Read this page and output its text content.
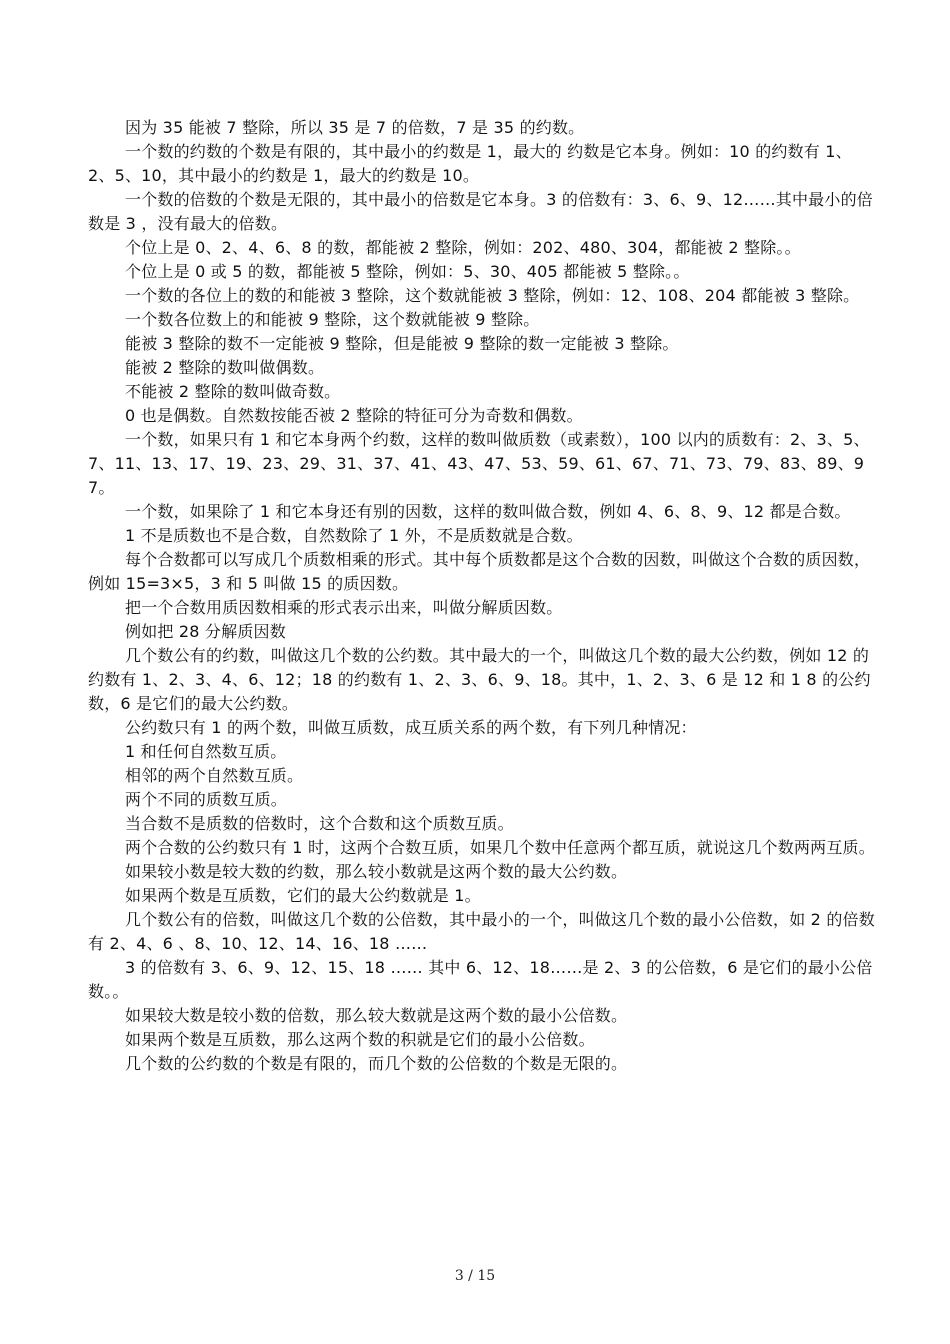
因为 35 能被 7 整除，所以 35 是 7 的倍数，7 是 35 的约数。

一个数的约数的个数是有限的，其中最小的约数是 1，最大的 约数是它本身。例如：10 的约数有 1、2、5、10，其中最小的约数是 1，最大的约数是 10。

一个数的倍数的个数是无限的，其中最小的倍数是它本身。3 的倍数有：3、6、9、12……其中最小的倍数是 3 ，没有最大的倍数。

个位上是 0、2、4、6、8 的数，都能被 2 整除，例如：202、480、304，都能被 2 整除。。

个位上是 0 或 5 的数，都能被 5 整除，例如：5、30、405 都能被 5 整除。。

一个数的各位上的数的和能被 3 整除，这个数就能被 3 整除，例如：12、108、204 都能被 3 整除。

一个数各位数上的和能被 9 整除，这个数就能被 9 整除。

能被 3 整除的数不一定能被 9 整除，但是能被 9 整除的数一定能被 3 整除。

能被 2 整除的数叫做偶数。

不能被 2 整除的数叫做奇数。

0 也是偶数。自然数按能否被 2 整除的特征可分为奇数和偶数。

一个数，如果只有 1 和它本身两个约数，这样的数叫做质数（或素数），100 以内的质数有：2、3、5、7、11、13、17、19、23、29、31、37、41、43、47、53、59、61、67、71、73、79、83、89、97。

一个数，如果除了 1 和它本身还有别的因数，这样的数叫做合数，例如 4、6、8、9、12 都是合数。

1 不是质数也不是合数，自然数除了 1 外，不是质数就是合数。

每个合数都可以写成几个质数相乘的形式。其中每个质数都是这个合数的因数，叫做这个合数的质因数，例如 15=3×5，3 和 5 叫做 15 的质因数。

把一个合数用质因数相乘的形式表示出来，叫做分解质因数。

例如把 28 分解质因数

几个数公有的约数，叫做这几个数的公约数。其中最大的一个，叫做这几个数的最大公约数，例如 12 的约数有 1、2、3、4、6、12；18 的约数有 1、2、3、6、9、18。其中，1、2、3、6 是 12 和 1 8 的公约数，6 是它们的最大公约数。

公约数只有 1 的两个数，叫做互质数，成互质关系的两个数，有下列几种情况：

1 和任何自然数互质。

相邻的两个自然数互质。

两个不同的质数互质。

当合数不是质数的倍数时，这个合数和这个质数互质。

两个合数的公约数只有 1 时，这两个合数互质，如果几个数中任意两个都互质，就说这几个数两两互质。

如果较小数是较大数的约数，那么较小数就是这两个数的最大公约数。

如果两个数是互质数，它们的最大公约数就是 1。

几个数公有的倍数，叫做这几个数的公倍数，其中最小的一个，叫做这几个数的最小公倍数，如 2 的倍数有 2、4、6 、8、10、12、14、16、18 ……

3 的倍数有 3、6、9、12、15、18 …… 其中 6、12、18……是 2、3 的公倍数，6 是它们的最小公倍数。。

如果较大数是较小数的倍数，那么较大数就是这两个数的最小公倍数。

如果两个数是互质数，那么这两个数的积就是它们的最小公倍数。

几个数的公约数的个数是有限的，而几个数的公倍数的个数是无限的。

3 / 15
